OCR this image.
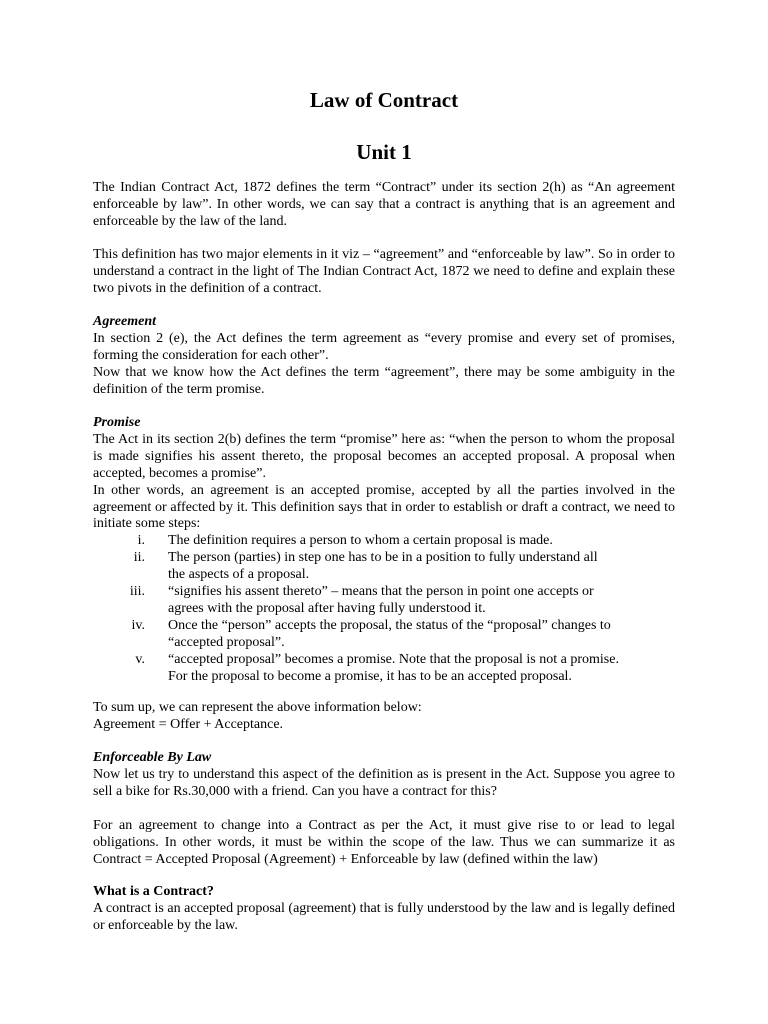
Law of Contract
Unit 1
The Indian Contract Act, 1872 defines the term “Contract” under its section 2(h) as “An agreement enforceable by law”. In other words, we can say that a contract is anything that is an agreement and enforceable by the law of the land.
This definition has two major elements in it viz – “agreement” and “enforceable by law”. So in order to understand a contract in the light of The Indian Contract Act, 1872 we need to define and explain these two pivots in the definition of a contract.
Agreement
In section 2 (e), the Act defines the term agreement as “every promise and every set of promises, forming the consideration for each other”.
Now that we know how the Act defines the term “agreement”, there may be some ambiguity in the definition of the term promise.
Promise
The Act in its section 2(b) defines the term “promise” here as: “when the person to whom the proposal is made signifies his assent thereto, the proposal becomes an accepted proposal. A proposal when accepted, becomes a promise”.
In other words, an agreement is an accepted promise, accepted by all the parties involved in the agreement or affected by it. This definition says that in order to establish or draft a contract, we need to initiate some steps:
i. The definition requires a person to whom a certain proposal is made.
ii. The person (parties) in step one has to be in a position to fully understand all
the aspects of a proposal.
iii. “signifies his assent thereto” – means that the person in point one accepts or
agrees with the proposal after having fully understood it.
iv. Once the “person” accepts the proposal, the status of the “proposal” changes to
“accepted proposal”.
v. “accepted proposal” becomes a promise. Note that the proposal is not a promise.
For the proposal to become a promise, it has to be an accepted proposal.
To sum up, we can represent the above information below:
Agreement = Offer + Acceptance.
Enforceable By Law
Now let us try to understand this aspect of the definition as is present in the Act. Suppose you agree to sell a bike for Rs.30,000 with a friend. Can you have a contract for this?
For an agreement to change into a Contract as per the Act, it must give rise to or lead to legal obligations. In other words, it must be within the scope of the law. Thus we can summarize it as Contract = Accepted Proposal (Agreement) + Enforceable by law (defined within the law)
What is a Contract?
A contract is an accepted proposal (agreement) that is fully understood by the law and is legally defined or enforceable by the law.
